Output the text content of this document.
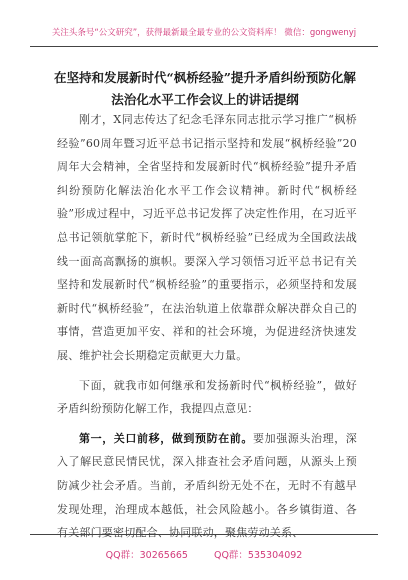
关注头条号“公文研究”，获得最新最全最专业的公文资料库！ 微信：gongwenyj
在坚持和发展新时代“枫桥经验”提升矛盾纠纷预防化解
法治化水平工作会议上的讲话提纲

刚才，X同志传达了纪念毛泽东同志批示学习推广“枫桥经验”60周年暨习近平总书记指示坚持和发展“枫桥经验”20周年大会精神，全省坚持和发展新时代“枫桥经验”提升矛盾纠纷预防化解法治化水平工作会议精神。新时代“枫桥经验”形成过程中，习近平总书记发挥了决定性作用，在习近平总书记领航掌舵下，新时代“枫桥经验”已经成为全国政法战线一面高高飘扬的旗帜。要深入学习领悟习近平总书记有关坚持和发展新时代“枫桥经验”的重要指示，必须坚持和发展新时代“枫桥经验”，在法治轨道上依靠群众解决群众自己的事情，营造更加平安、祥和的社会环境，为促进经济快速发展、维护社会长期稳定贡献更大力量。

下面，就我市如何继承和发扬新时代“枫桥经验”，做好矛盾纠纷预防化解工作，我提四点意见：

第一，关口前移，做到预防在前。要加强源头治理，深入了解民意民情民忧，深入排查社会矛盾问题，从源头上预防减少社会矛盾。当前，矛盾纠纷无处不在，无时不有越早发现处理，治理成本越低，社会风险越小。各乡镇街道、各有关部门要密切配合、协同联动，聚焦劳动关系、

QQ群：30265665	QQ群：535304092
